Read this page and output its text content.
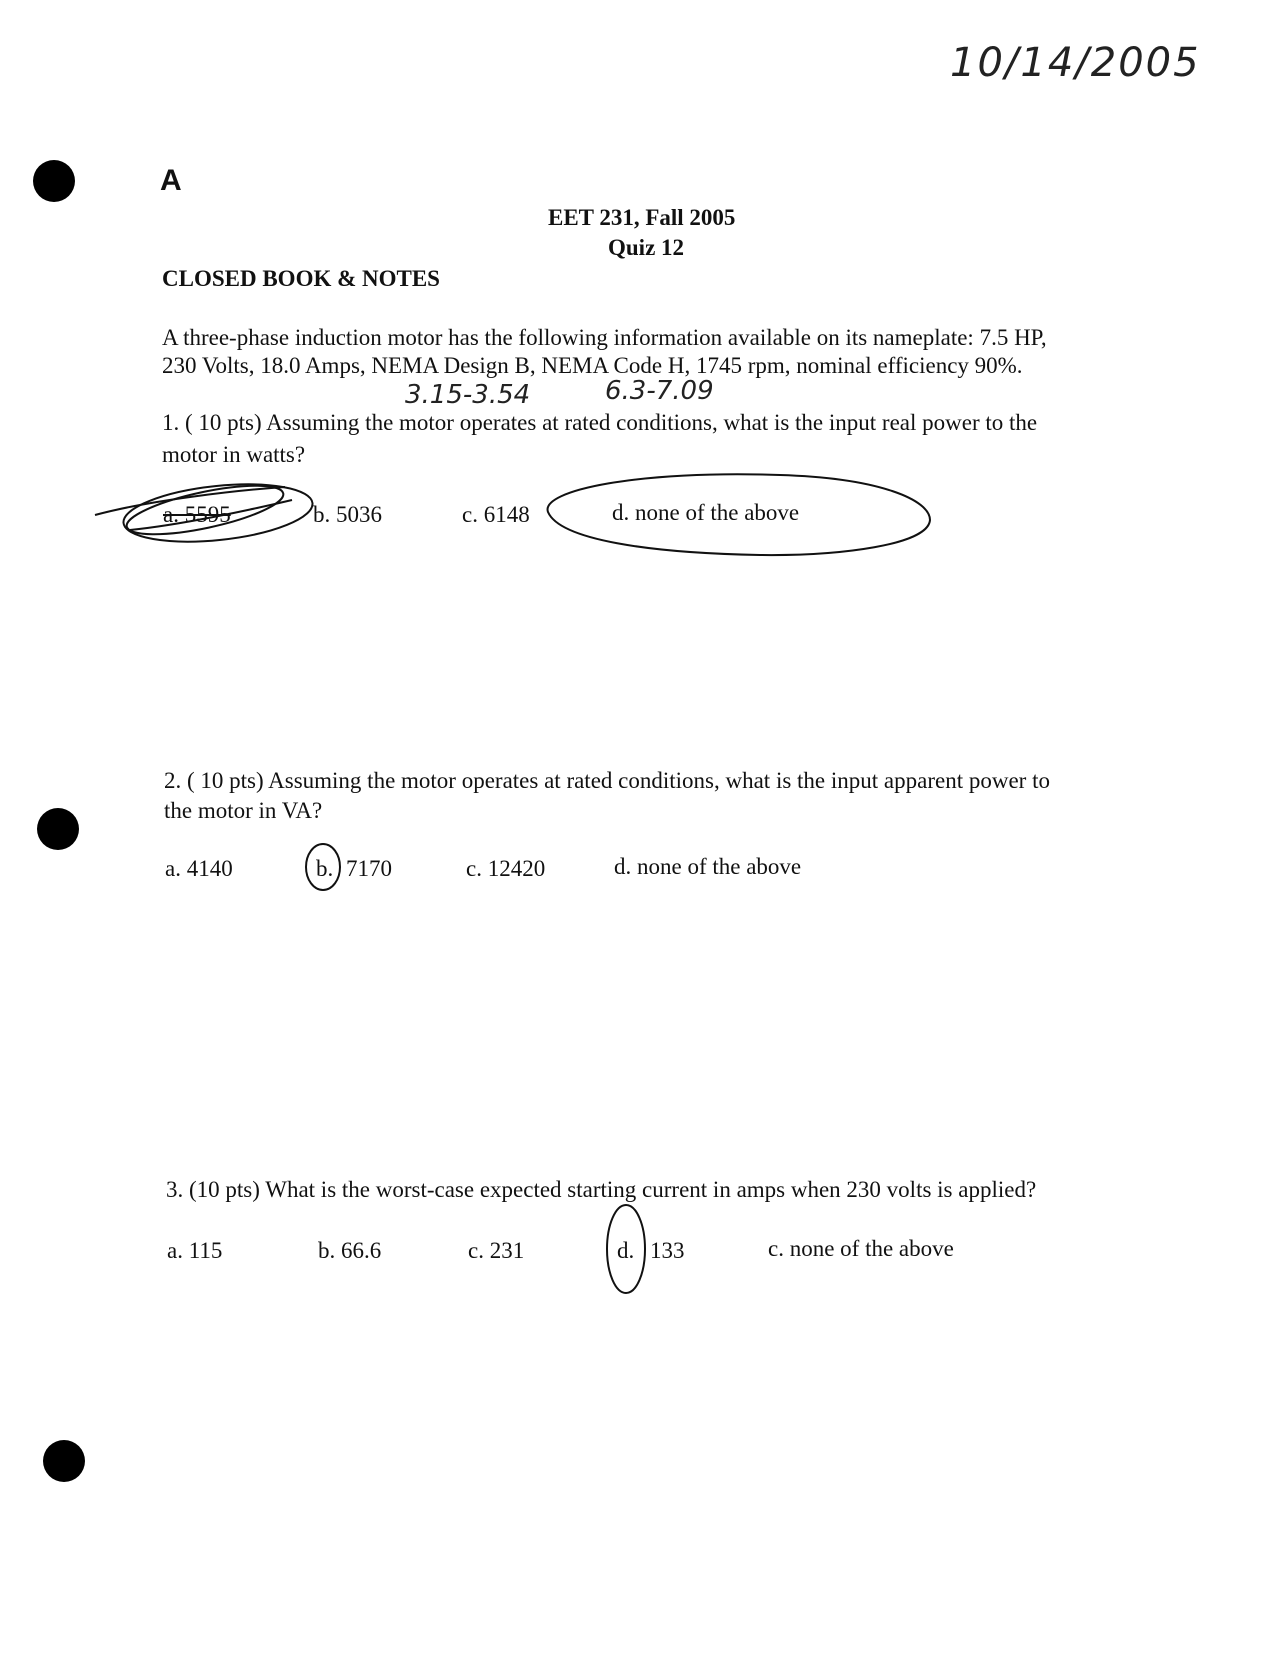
10/14/2005
A
EET 231, Fall 2005
Quiz 12
CLOSED BOOK & NOTES
A three-phase induction motor has the following information available on its nameplate: 7.5 HP,
230 Volts, 18.0 Amps, NEMA Design B, NEMA Code H, 1745 rpm, nominal efficiency 90%.
3.15-3.54	6.3-7.09
1. ( 10 pts) Assuming the motor operates at rated conditions, what is the input real power to the
motor in watts?
a. 5595	b. 5036	c. 6148	d. none of the above
2. ( 10 pts) Assuming the motor operates at rated conditions, what is the input apparent power to
the motor in VA?
a. 4140	b. 7170	c. 12420	d. none of the above
3. (10 pts) What is the worst-case expected starting current in amps when 230 volts is applied?
a. 115	b. 66.6	c. 231	d. 133	c. none of the above
